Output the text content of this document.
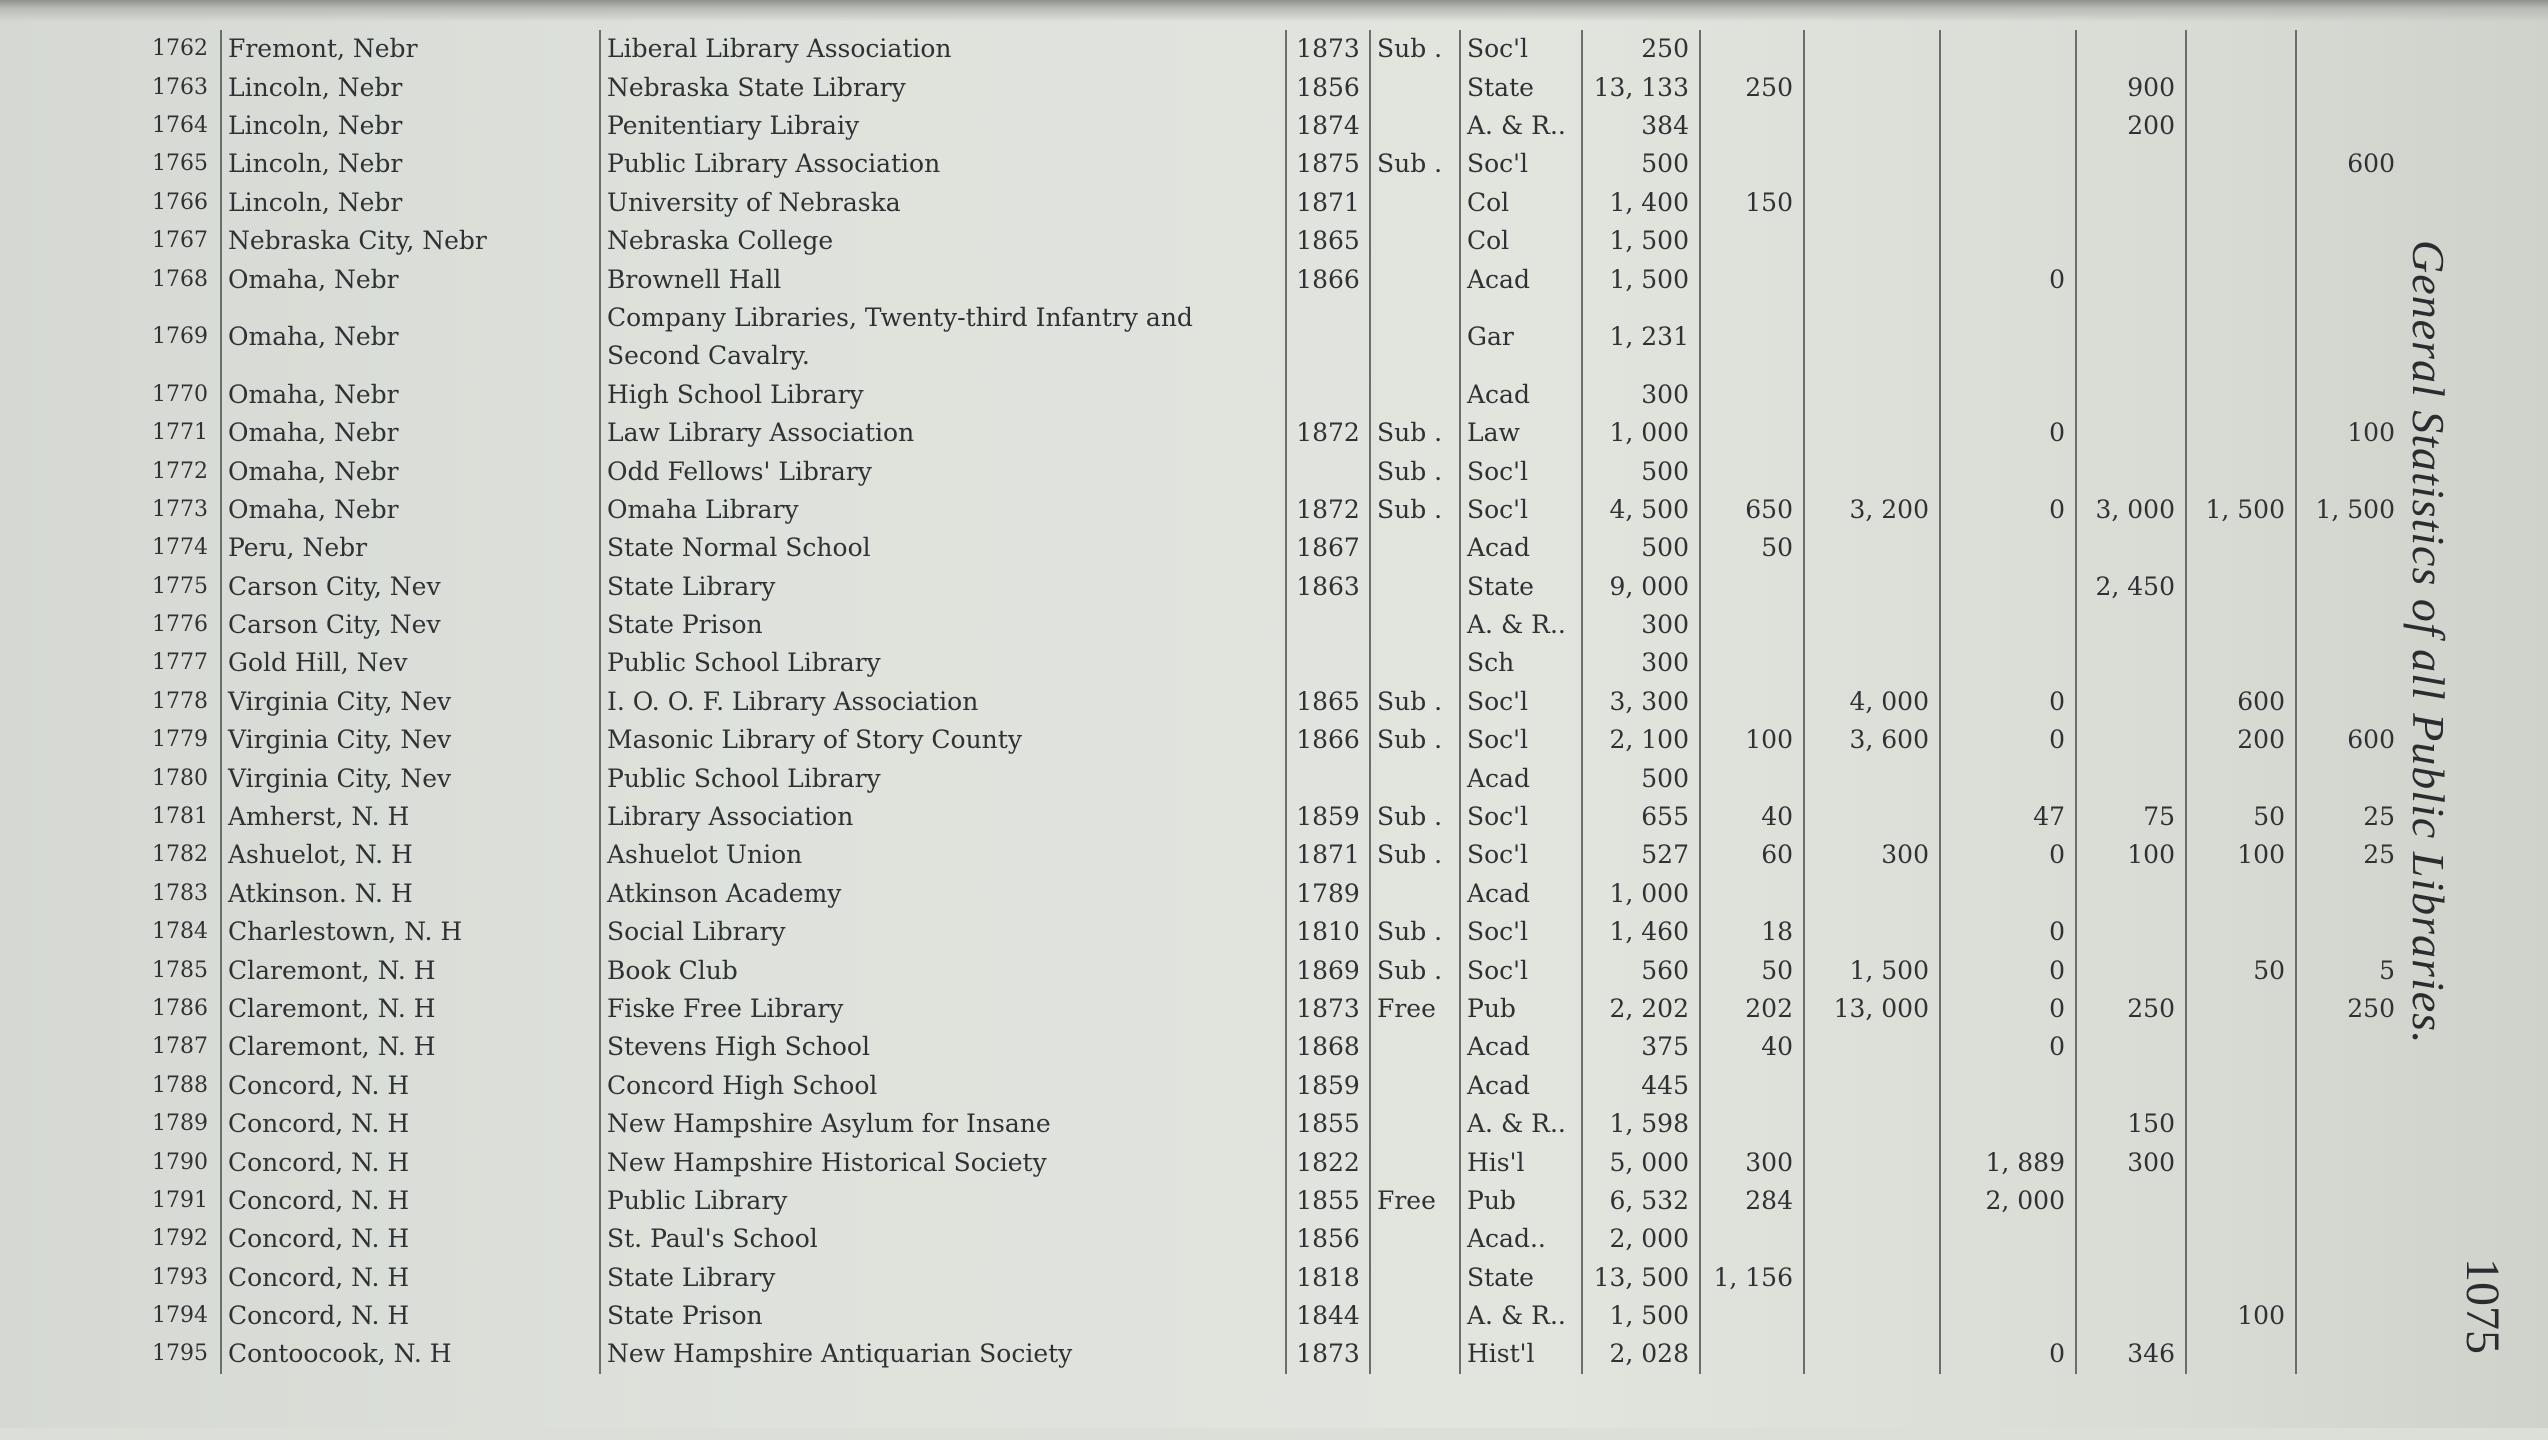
1762	Fremont, Nebr	Liberal Library Association	1873	Sub .	Soc'l	250						
1763	Lincoln, Nebr	Nebraska State Library	1856		State	13, 133	250			900		
1764	Lincoln, Nebr	Penitentiary Libraiy	1874		A. & R..	384				200		
1765	Lincoln, Nebr	Public Library Association	1875	Sub .	Soc'l	500						600
1766	Lincoln, Nebr	University of Nebraska	1871		Col	1, 400	150					
1767	Nebraska City, Nebr	Nebraska College	1865		Col	1, 500						
1768	Omaha, Nebr	Brownell Hall	1866		Acad	1, 500			0			
1769	Omaha, Nebr	Company Libraries, Twenty-third Infantry and Second Cavalry.			Gar	1, 231						
1770	Omaha, Nebr	High School Library			Acad	300						
1771	Omaha, Nebr	Law Library Association	1872	Sub .	Law	1, 000			0			100
1772	Omaha, Nebr	Odd Fellows' Library		Sub .	Soc'l	500						
1773	Omaha, Nebr	Omaha Library	1872	Sub .	Soc'l	4, 500	650	3, 200	0	3, 000	1, 500	1, 500
1774	Peru, Nebr	State Normal School	1867		Acad	500	50					
1775	Carson City, Nev	State Library	1863		State	9, 000				2, 450		
1776	Carson City, Nev	State Prison			A. & R..	300						
1777	Gold Hill, Nev	Public School Library			Sch	300						
1778	Virginia City, Nev	I. O. O. F. Library Association	1865	Sub .	Soc'l	3, 300		4, 000	0		600	
1779	Virginia City, Nev	Masonic Library of Story County	1866	Sub .	Soc'l	2, 100	100	3, 600	0		200	600
1780	Virginia City, Nev	Public School Library			Acad	500						
1781	Amherst, N. H	Library Association	1859	Sub .	Soc'l	655	40		47	75	50	25
1782	Ashuelot, N. H	Ashuelot Union	1871	Sub .	Soc'l	527	60	300	0	100	100	25
1783	Atkinson. N. H	Atkinson Academy	1789		Acad	1, 000						
1784	Charlestown, N. H	Social Library	1810	Sub .	Soc'l	1, 460	18		0			
1785	Claremont, N. H	Book Club	1869	Sub .	Soc'l	560	50	1, 500	0		50	5
1786	Claremont, N. H	Fiske Free Library	1873	Free	Pub	2, 202	202	13, 000	0	250		250
1787	Claremont, N. H	Stevens High School	1868		Acad	375	40		0			
1788	Concord, N. H	Concord High School	1859		Acad	445						
1789	Concord, N. H	New Hampshire Asylum for Insane	1855		A. & R..	1, 598				150		
1790	Concord, N. H	New Hampshire Historical Society	1822		His'l	5, 000	300		1, 889	300		
1791	Concord, N. H	Public Library	1855	Free	Pub	6, 532	284		2, 000			
1792	Concord, N. H	St. Paul's School	1856		Acad..	2, 000						
1793	Concord, N. H	State Library	1818		State	13, 500	1, 156					
1794	Concord, N. H	State Prison	1844		A. & R..	1, 500					100	
1795	Contoocook, N. H	New Hampshire Antiquarian Society	1873		Hist'l	2, 028			0	346		
General Statistics of all Public Libraries.
1075
